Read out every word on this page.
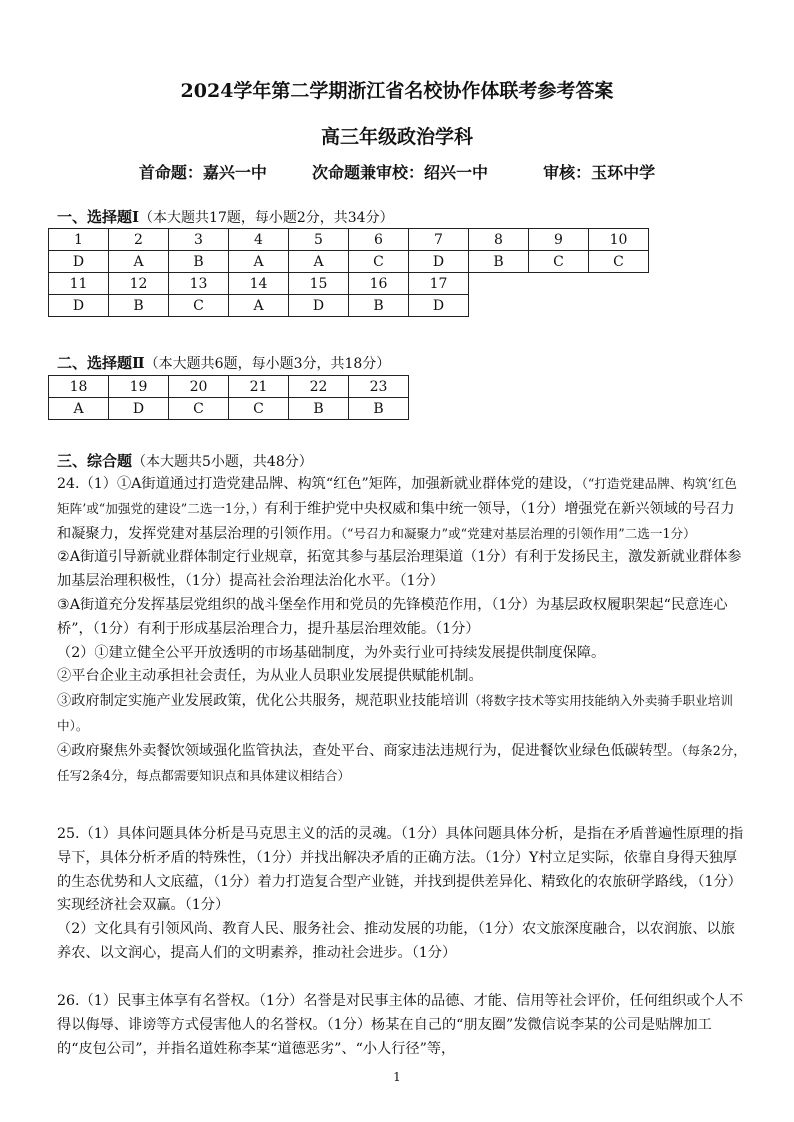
2024学年第二学期浙江省名校协作体联考参考答案
高三年级政治学科
首命题：嘉兴一中	次命题兼审校：绍兴一中	审核：玉环中学
一、选择题Ⅰ（本大题共17题，每小题2分，共34分）
1	2	3	4	5	6	7	8	9	10
D	A	B	A	A	C	D	B	C	C
11	12	13	14	15	16	17			
D	B	C	A	D	B	D			
二、选择题Ⅱ（本大题共6题，每小题3分，共18分）
18	19	20	21	22	23
A	D	C	C	B	B
三、综合题（本大题共5小题，共48分）

24.（1）①A街道通过打造党建品牌、构筑“红色”矩阵，加强新就业群体党的建设，（“打造党建品牌、构筑‘红色矩阵’或“加强党的建设”二选一1分，）有利于维护党中央权威和集中统一领导，（1分）增强党在新兴领域的号召力和凝聚力，发挥党建对基层治理的引领作用。（“号召力和凝聚力”或“党建对基层治理的引领作用”二选一1分）

②A街道引导新就业群体制定行业规章，拓宽其参与基层治理渠道（1分）有利于发扬民主，激发新就业群体参加基层治理积极性，（1分）提高社会治理法治化水平。（1分）

③A街道充分发挥基层党组织的战斗堡垒作用和党员的先锋模范作用，（1分）为基层政权履职架起“民意连心桥”，（1分）有利于形成基层治理合力，提升基层治理效能。（1分）

（2）①建立健全公平开放透明的市场基础制度，为外卖行业可持续发展提供制度保障。

②平台企业主动承担社会责任，为从业人员职业发展提供赋能机制。

③政府制定实施产业发展政策，优化公共服务，规范职业技能培训（将数字技术等实用技能纳入外卖骑手职业培训中）。

④政府聚焦外卖餐饮领域强化监管执法，查处平台、商家违法违规行为，促进餐饮业绿色低碳转型。（每条2分，任写2条4分，每点都需要知识点和具体建议相结合）

25.（1）具体问题具体分析是马克思主义的活的灵魂。（1分）具体问题具体分析，是指在矛盾普遍性原理的指导下，具体分析矛盾的特殊性，（1分）并找出解决矛盾的正确方法。（1分）Y村立足实际，依靠自身得天独厚的生态优势和人文底蕴，（1分）着力打造复合型产业链，并找到提供差异化、精致化的农旅研学路线，（1分）实现经济社会双赢。（1分）

（2）文化具有引领风尚、教育人民、服务社会、推动发展的功能，（1分）农文旅深度融合，以农润旅、以旅养农、以文润心，提高人们的文明素养，推动社会进步。（1分）

26.（1）民事主体享有名誉权。（1分）名誉是对民事主体的品德、才能、信用等社会评价，任何组织或个人不得以侮辱、诽谤等方式侵害他人的名誉权。（1分）杨某在自己的“朋友圈”发微信说李某的公司是贴牌加工的“皮包公司”，并指名道姓称李某“道德恶劣”、“小人行径”等，

1
